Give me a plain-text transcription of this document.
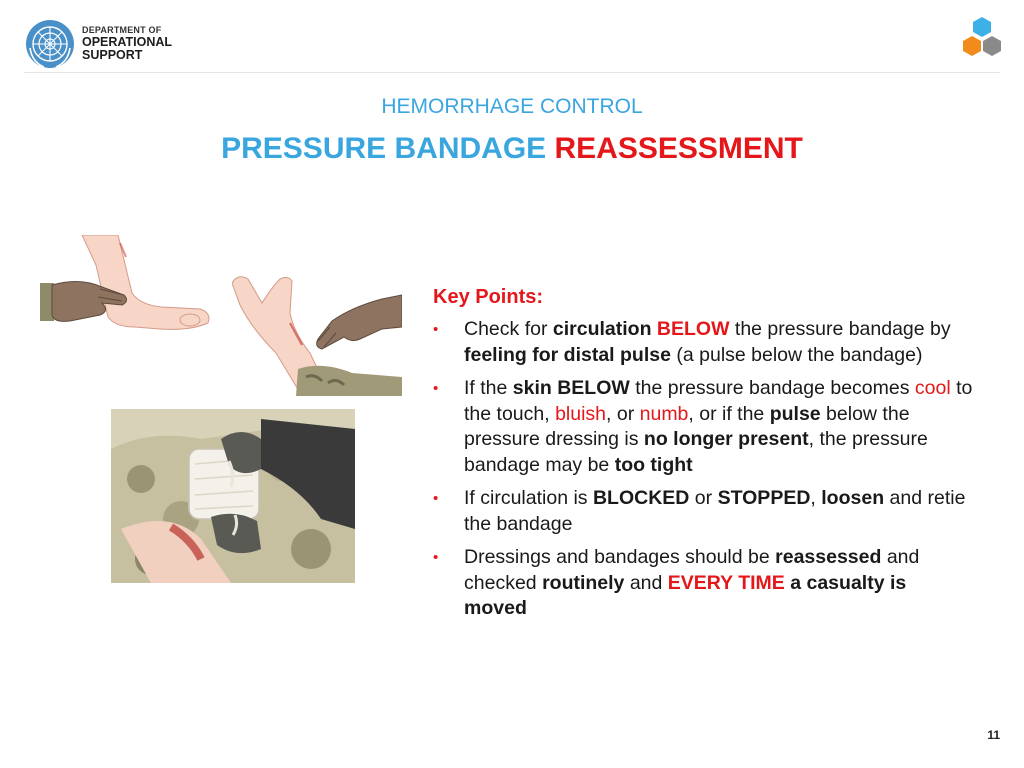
DEPARTMENT OF
OPERATIONAL
SUPPORT
HEMORRHAGE CONTROL
PRESSURE BANDAGE REASSESSMENT
Key Points:
• Check for circulation BELOW the pressure bandage by feeling for distal pulse (a pulse below the bandage)
• If the skin BELOW the pressure bandage becomes cool to the touch, bluish, or numb, or if the pulse below the pressure dressing is no longer present, the pressure bandage may be too tight
• If circulation is BLOCKED or STOPPED, loosen and retie the bandage
• Dressings and bandages should be reassessed and checked routinely and EVERY TIME a casualty is moved
11
